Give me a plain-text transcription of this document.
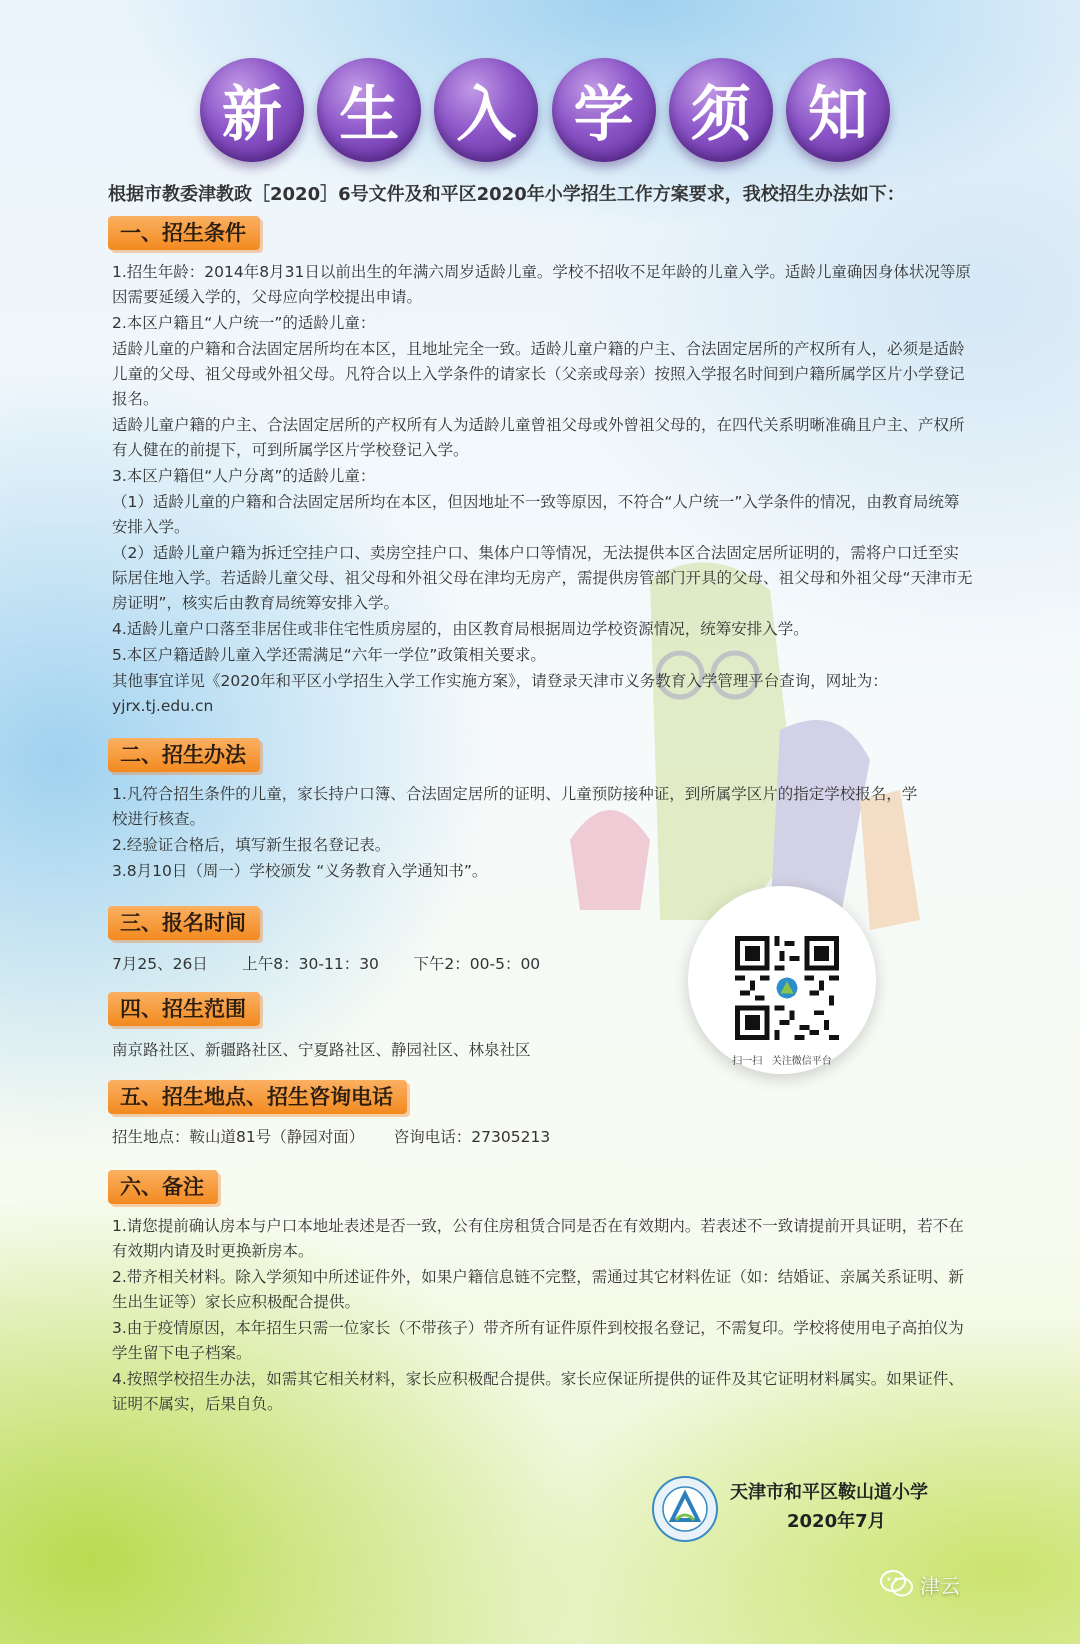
新 生 入 学 须 知
根据市教委津教政［2020］6号文件及和平区2020年小学招生工作方案要求，我校招生办法如下：
一、招生条件

1.招生年龄：2014年8月31日以前出生的年满六周岁适龄儿童。学校不招收不足年龄的儿童入学。适龄儿童确因身体状况等原因需要延缓入学的，父母应向学校提出申请。

2.本区户籍且“人户统一”的适龄儿童：

适龄儿童的户籍和合法固定居所均在本区，且地址完全一致。适龄儿童户籍的户主、合法固定居所的产权所有人，必须是适龄儿童的父母、祖父母或外祖父母。凡符合以上入学条件的请家长（父亲或母亲）按照入学报名时间到户籍所属学区片小学登记报名。

适龄儿童户籍的户主、合法固定居所的产权所有人为适龄儿童曾祖父母或外曾祖父母的，在四代关系明晰准确且户主、产权所有人健在的前提下，可到所属学区片学校登记入学。

3.本区户籍但“人户分离”的适龄儿童：

（1）适龄儿童的户籍和合法固定居所均在本区，但因地址不一致等原因，不符合“人户统一”入学条件的情况，由教育局统筹安排入学。

（2）适龄儿童户籍为拆迁空挂户口、卖房空挂户口、集体户口等情况，无法提供本区合法固定居所证明的，需将户口迁至实际居住地入学。若适龄儿童父母、祖父母和外祖父母在津均无房产，需提供房管部门开具的父母、祖父母和外祖父母“天津市无房证明”，核实后由教育局统筹安排入学。

4.适龄儿童户口落至非居住或非住宅性质房屋的，由区教育局根据周边学校资源情况，统筹安排入学。

5.本区户籍适龄儿童入学还需满足“六年一学位”政策相关要求。

其他事宜详见《2020年和平区小学招生入学工作实施方案》，请登录天津市义务教育入学管理平台查询，网址为：yjrx.tj.edu.cn

二、招生办法

1.凡符合招生条件的儿童，家长持户口簿、合法固定居所的证明、儿童预防接种证，到所属学区片的指定学校报名，学校进行核查。

2.经验证合格后，填写新生报名登记表。

3.8月10日（周一）学校颁发 “义务教育入学通知书”。

三、报名时间

7月25、26日       上午8：30-11：30       下午2：00-5：00

四、招生范围

南京路社区、新疆路社区、宁夏路社区、静园社区、林泉社区

五、招生地点、招生咨询电话

招生地点：鞍山道81号（静园对面）      咨询电话：27305213

六、备注

1.请您提前确认房本与户口本地址表述是否一致，公有住房租赁合同是否在有效期内。若表述不一致请提前开具证明，若不在有效期内请及时更换新房本。

2.带齐相关材料。除入学须知中所述证件外，如果户籍信息链不完整，需通过其它材料佐证（如：结婚证、亲属关系证明、新生出生证等）家长应积极配合提供。

3.由于疫情原因，本年招生只需一位家长（不带孩子）带齐所有证件原件到校报名登记，不需复印。学校将使用电子高拍仪为学生留下电子档案。

4.按照学校招生办法，如需其它相关材料，家长应积极配合提供。家长应保证所提供的证件及其它证明材料属实。如果证件、证明不属实，后果自负。

扫一扫   关注微信平台
天津市和平区鞍山道小学
2020年7月
津云
